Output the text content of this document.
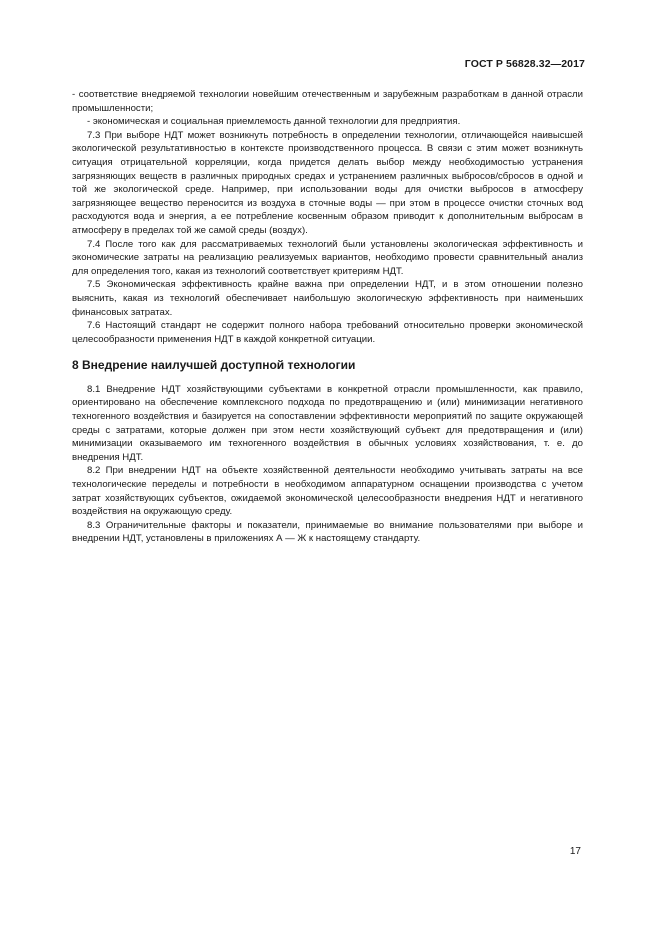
ГОСТ Р 56828.32—2017

- соответствие внедряемой технологии новейшим отечественным и зарубежным разработкам в данной отрасли промышленности;

- экономическая и социальная приемлемость данной технологии для предприятия.

7.3 При выборе НДТ может возникнуть потребность в определении технологии, отличающейся наивысшей экологической результативностью в контексте производственного процесса. В связи с этим может возникнуть ситуация отрицательной корреляции, когда придется делать выбор между необходимостью устранения загрязняющих веществ в различных природных средах и устранением различных выбросов/сбросов в одной и той же экологической среде. Например, при использовании воды для очистки выбросов в атмосферу загрязняющее вещество переносится из воздуха в сточные воды — при этом в процессе очистки сточных вод расходуются вода и энергия, а ее потребление косвенным образом приводит к дополнительным выбросам в атмосферу в пределах той же самой среды (воздух).

7.4 После того как для рассматриваемых технологий были установлены экологическая эффективность и экономические затраты на реализацию реализуемых вариантов, необходимо провести сравнительный анализ для определения того, какая из технологий соответствует критериям НДТ.

7.5 Экономическая эффективность крайне важна при определении НДТ, и в этом отношении полезно выяснить, какая из технологий обеспечивает наибольшую экологическую эффективность при наименьших финансовых затратах.

7.6 Настоящий стандарт не содержит полного набора требований относительно проверки экономической целесообразности применения НДТ в каждой конкретной ситуации.

8 Внедрение наилучшей доступной технологии

8.1 Внедрение НДТ хозяйствующими субъектами в конкретной отрасли промышленности, как правило, ориентировано на обеспечение комплексного подхода по предотвращению и (или) минимизации негативного техногенного воздействия и базируется на сопоставлении эффективности мероприятий по защите окружающей среды с затратами, которые должен при этом нести хозяйствующий субъект для предотвращения и (или) минимизации оказываемого им техногенного воздействия в обычных условиях хозяйствования, т. е. до внедрения НДТ.

8.2 При внедрении НДТ на объекте хозяйственной деятельности необходимо учитывать затраты на все технологические переделы и потребности в необходимом аппаратурном оснащении производства с учетом затрат хозяйствующих субъектов, ожидаемой экономической целесообразности внедрения НДТ и негативного воздействия на окружающую среду.

8.3 Ограничительные факторы и показатели, принимаемые во внимание пользователями при выборе и внедрении НДТ, установлены в приложениях А — Ж к настоящему стандарту.

17
